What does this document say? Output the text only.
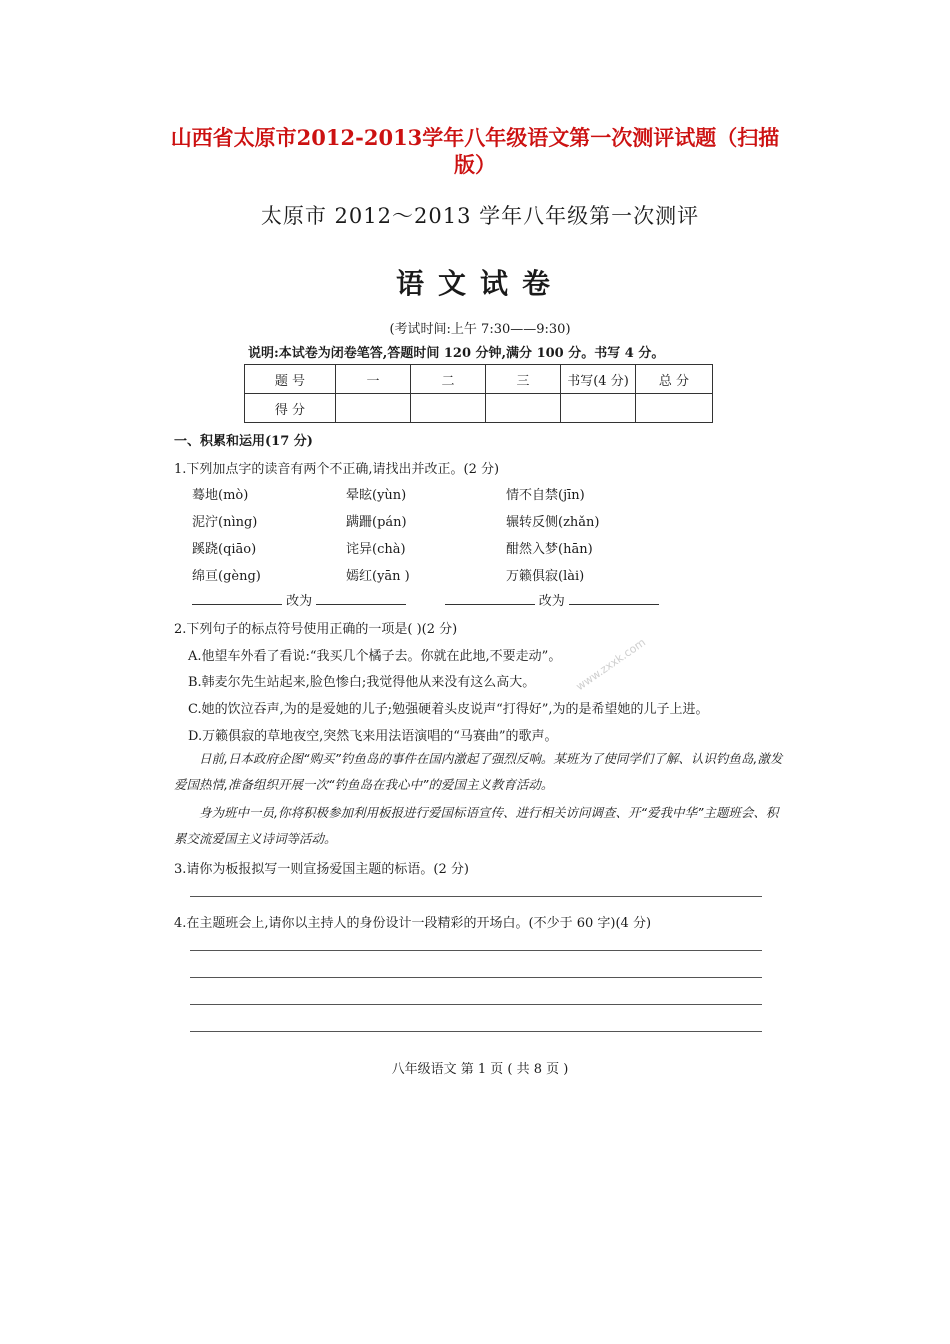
山西省太原市2012-2013学年八年级语文第一次测评试题（扫描版）
太原市 2012～2013 学年八年级第一次测评
语文试卷
(考试时间:上午 7:30——9:30)
说明:本试卷为闭卷笔答,答题时间 120 分钟,满分 100 分。书写 4 分。
题 号	一	二	三	书写(4 分)	总 分
得 分					
一、积累和运用(17 分)
1.下列加点字的读音有两个不正确,请找出并改正。(2 分)
蓦地(mò)	晕眩(yùn)	情不自禁(jīn)
泥泞(nìng)	蹒跚(pán)	辗转反侧(zhǎn)
蹊跷(qiāo)	诧异(chà)	酣然入梦(hān)
绵亘(gèng)	嫣红(yān )	万籁俱寂(lài)
改为	改为
2.下列句子的标点符号使用正确的一项是( )(2 分)
A.他望车外看了看说:“我买几个橘子去。你就在此地,不要走动”。
B.韩麦尔先生站起来,脸色惨白;我觉得他从来没有这么高大。
C.她的饮泣吞声,为的是爱她的儿子;勉强硬着头皮说声“打得好”,为的是希望她的儿子上进。
D.万籁俱寂的草地夜空,突然飞来用法语演唱的“马赛曲”的歌声。
www.zxxk.com
日前,日本政府企图“购买”钓鱼岛的事件在国内激起了强烈反响。某班为了使同学们了解、认识钓鱼岛,激发爱国热情,准备组织开展一次“钓鱼岛在我心中”的爱国主义教育活动。
身为班中一员,你将积极参加利用板报进行爱国标语宣传、进行相关访问调查、开“爱我中华”主题班会、积累交流爱国主义诗词等活动。
3.请你为板报拟写一则宣扬爱国主题的标语。(2 分)
4.在主题班会上,请你以主持人的身份设计一段精彩的开场白。(不少于 60 字)(4 分)
八年级语文 第 1 页 ( 共 8 页 )
